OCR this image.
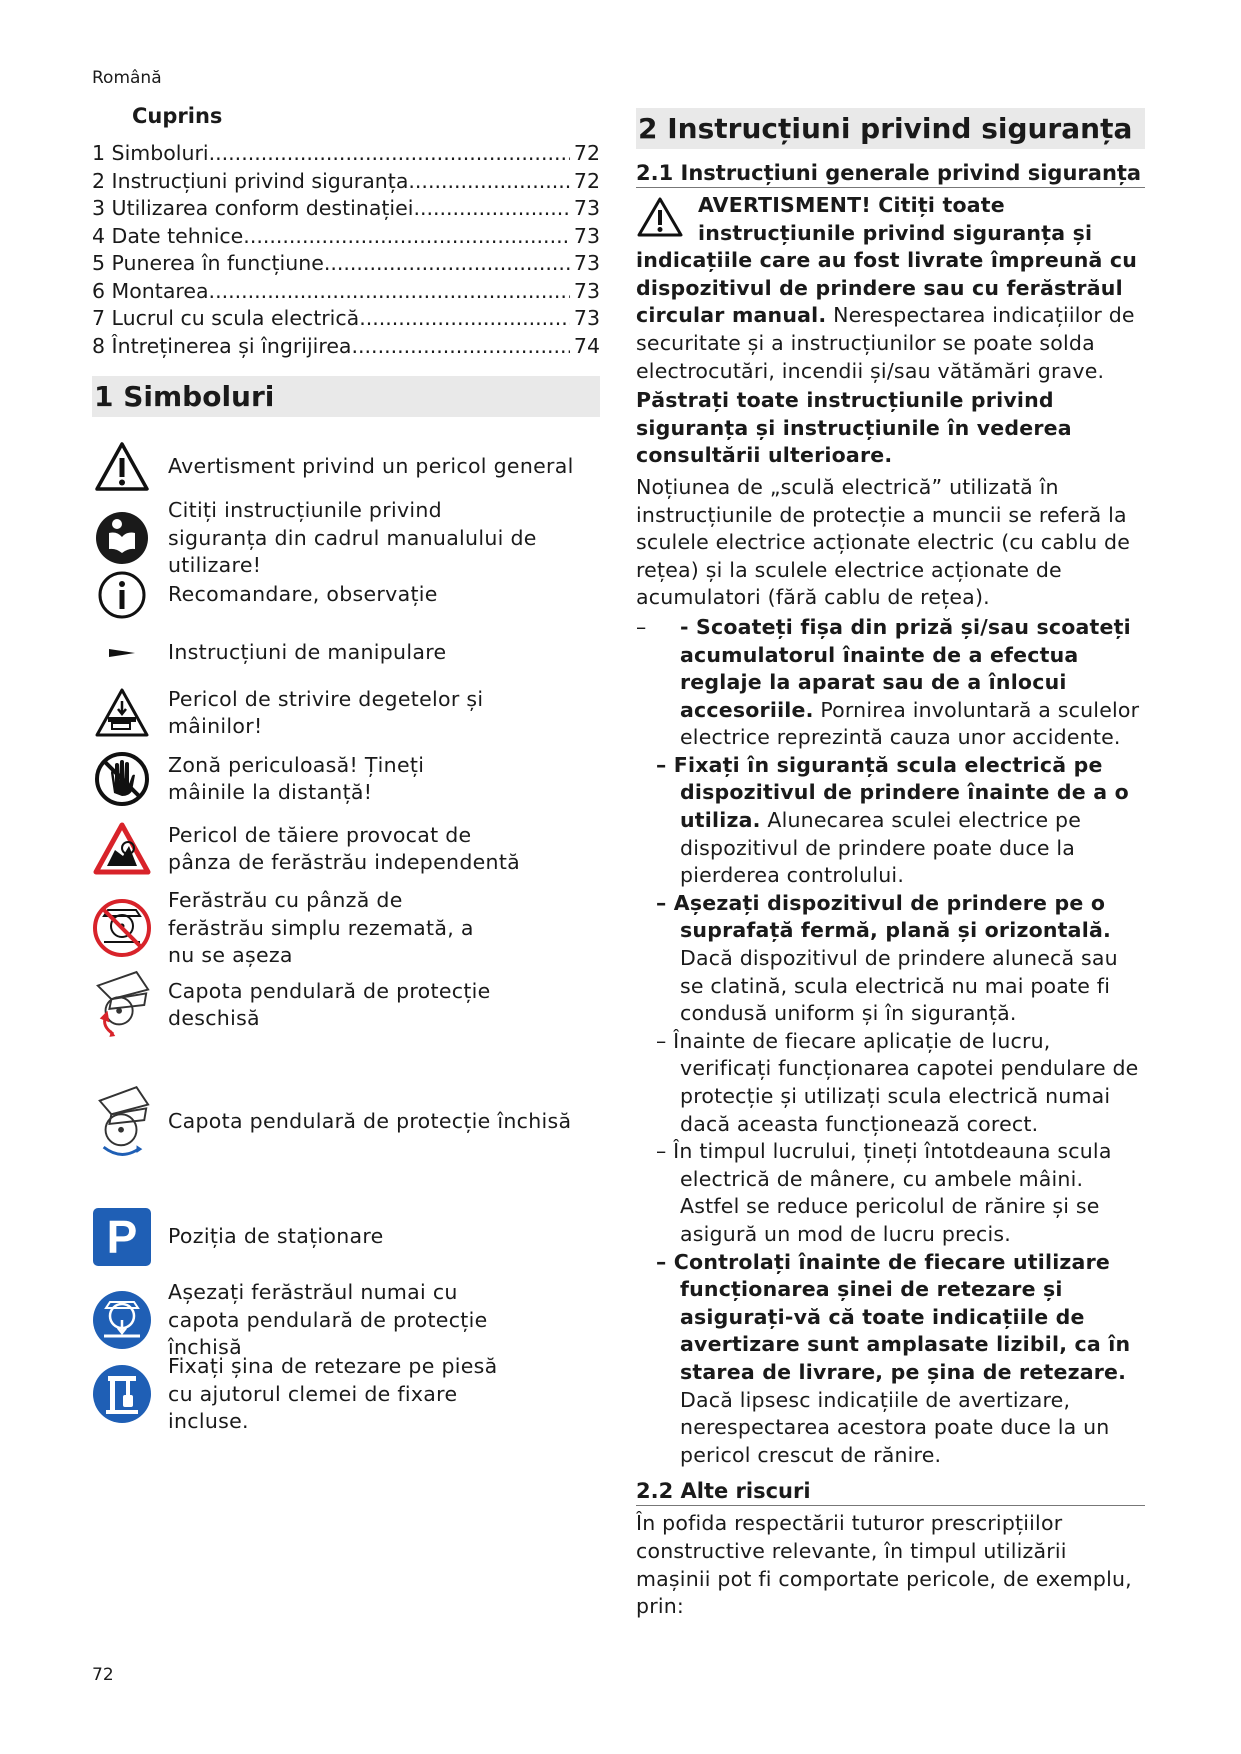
Română
Cuprins
1 Simboluri .....	72
2 Instrucțiuni privind siguranța .....	72
3 Utilizarea conform destinației .....	73
4 Date tehnice .....	73
5 Punerea în funcțiune .....	73
6 Montarea .....	73
7 Lucrul cu scula electrică .....	73
8 Întreținerea și îngrijirea .....	74
1 Simboluri
Avertisment privind un pericol general
Citiți instrucțiunile privind siguranța din cadrul manualului de utilizare!
Recomandare, observație
Instrucțiuni de manipulare
Pericol de strivire degetelor și mâinilor!
Zonă periculoasă! Țineți mâinile la distanță!
Pericol de tăiere provocat de pânza de ferăstrău independentă
Ferăstrău cu pânză de ferăstrău simplu rezemată, a nu se așeza
Capota pendulară de protecție deschisă
Capota pendulară de protecție închisă
P	Poziția de staționare
Așezați ferăstrăul numai cu capota pendulară de protecție închisă
Fixați șina de retezare pe piesă cu ajutorul clemei de fixare incluse.
2 Instrucțiuni privind siguranța
2.1 Instrucțiuni generale privind siguranța
AVERTISMENT! Citiți toate instrucțiunile privind siguranța și indicațiile care au fost livrate împreună cu dispozitivul de prindere sau cu ferăstrăul circular manual. Nerespectarea indicațiilor de securitate și a instrucțiunilor se poate solda electrocutări, incendii și/sau vătămări grave.

Păstrați toate instrucțiunile privind siguranța și instrucțiunile în vederea consultării ulterioare.

Noțiunea de „sculă electrică” utilizată în instrucțiunile de protecție a muncii se referă la sculele electrice acționate electric (cu cablu de rețea) și la sculele electrice acționate de acumulatori (fără cablu de rețea).

–	- Scoateți fișa din priză și/sau scoateți acumulatorul înainte de a efectua reglaje la aparat sau de a înlocui accesoriile. Pornirea involuntară a sculelor electrice reprezintă cauza unor accidente.
– Fixați în siguranță scula electrică pe dispozitivul de prindere înainte de a o utiliza. Alunecarea sculei electrice pe dispozitivul de prindere poate duce la pierderea controlului.
– Așezați dispozitivul de prindere pe o suprafață fermă, plană și orizontală. Dacă dispozitivul de prindere alunecă sau se clatină, scula electrică nu mai poate fi condusă uniform și în siguranță.
– Înainte de fiecare aplicație de lucru, verificați funcționarea capotei pendulare de protecție și utilizați scula electrică numai dacă aceasta funcționează corect.
– În timpul lucrului, țineți întotdeauna scula electrică de mânere, cu ambele mâini. Astfel se reduce pericolul de rănire și se asigură un mod de lucru precis.
– Controlați înainte de fiecare utilizare funcționarea șinei de retezare și asigurați-vă că toate indicațiile de avertizare sunt amplasate lizibil, ca în starea de livrare, pe șina de retezare. Dacă lipsesc indicațiile de avertizare, nerespectarea acestora poate duce la un pericol crescut de rănire.
2.2 Alte riscuri

În pofida respectării tuturor prescripțiilor constructive relevante, în timpul utilizării mașinii pot fi comportate pericole, de exemplu, prin:

72
